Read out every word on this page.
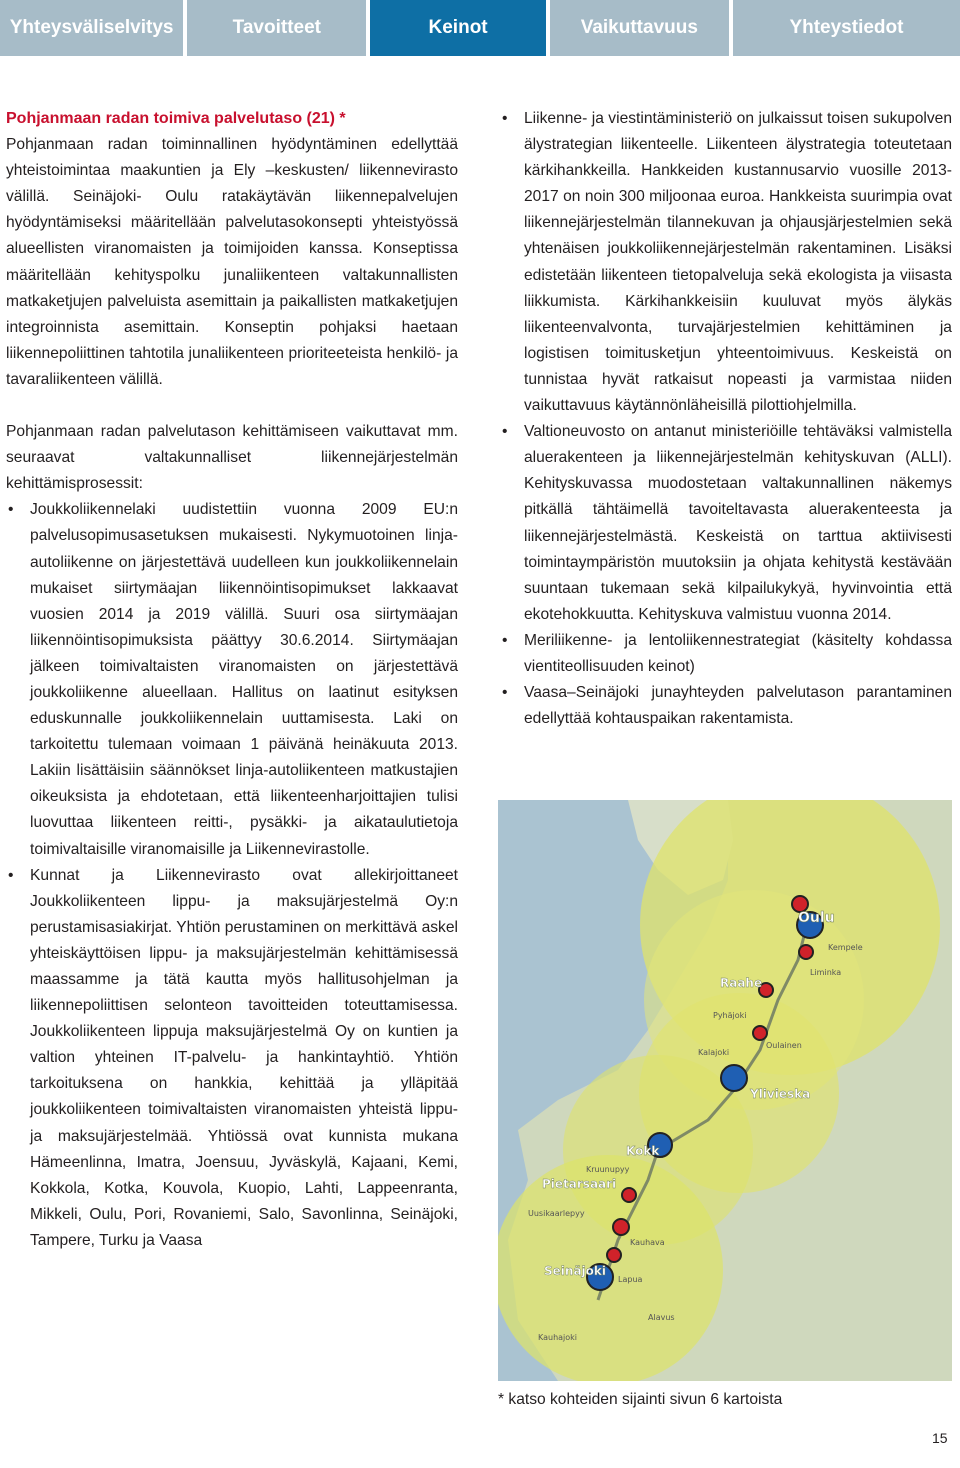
Yhteysväliselvitys	Tavoitteet	Keinot	Vaikuttavuus	Yhteystiedot

Pohjanmaan radan toimiva palvelutaso (21) *

Pohjanmaan radan toiminnallinen hyödyntäminen edellyttää yhteistoimintaa maakuntien ja Ely –keskusten/ liikennevirasto välillä. Seinäjoki- Oulu ratakäytävän liikennepalvelujen hyödyntämiseksi määritellään palvelutasokonsepti yhteistyössä alueellisten viranomaisten ja toimijoiden kanssa. Konseptissa määritellään kehityspolku junaliikenteen valtakunnallisten matkaketjujen palveluista asemittain ja paikallisten matkaketjujen integroinnista asemittain. Konseptin pohjaksi haetaan liikennepoliittinen tahtotila junaliikenteen prioriteeteista henkilö- ja tavaraliikenteen välillä.

Pohjanmaan radan palvelutason kehittämiseen vaikuttavat mm. seuraavat valtakunnalliset liikennejärjestelmän kehittämisprosessit:

• Joukkoliikennelaki uudistettiin vuonna 2009 EU:n palvelusopimusasetuksen mukaisesti. Nykymuotoinen linja-autoliikenne on järjestettävä uudelleen kun joukkoliikennelain mukaiset siirtymäajan liikennöintisopimukset lakkaavat vuosien 2014 ja 2019 välillä. Suuri osa siirtymäajan liikennöintisopimuksista päättyy 30.6.2014. Siirtymäajan jälkeen toimivaltaisten viranomaisten on järjestettävä joukkoliikenne alueellaan. Hallitus on laatinut esityksen eduskunnalle joukkoliikennelain uuttamisesta. Laki on tarkoitettu tulemaan voimaan 1 päivänä heinäkuuta 2013. Lakiin lisättäisiin säännökset linja-autoliikenteen matkustajien oikeuksista ja ehdotetaan, että liikenteenharjoittajien tulisi luovuttaa liikenteen reitti-, pysäkki- ja aikataulutietoja toimivaltaisille viranomaisille ja Liikennevirastolle.
• Kunnat ja Liikennevirasto ovat allekirjoittaneet Joukkoliikenteen lippu- ja maksujärjestelmä Oy:n perustamisasiakirjat. Yhtiön perustaminen on merkittävä askel yhteiskäyttöisen lippu- ja maksujärjestelmän kehittämisessä maassamme ja tätä kautta myös hallitusohjelman ja liikennepoliittisen selonteon tavoitteiden toteuttamisessa. Joukkoliikenteen lippuja maksujärjestelmä Oy on kuntien ja valtion yhteinen IT-palvelu- ja hankintayhtiö. Yhtiön tarkoituksena on hankkia, kehittää ja ylläpitää joukkoliikenteen toimivaltaisten viranomaisten yhteistä lippu- ja maksujärjestelmää. Yhtiössä ovat kunnista mukana Hämeenlinna, Imatra, Joensuu, Jyväskylä, Kajaani, Kemi, Kokkola, Kotka, Kouvola, Kuopio, Lahti, Lappeenranta, Mikkeli, Oulu, Pori, Rovaniemi, Salo, Savonlinna, Seinäjoki, Tampere, Turku ja Vaasa
• Liikenne- ja viestintäministeriö on julkaissut toisen sukupolven älystrategian liikenteelle. Liikenteen älystrategia toteutetaan kärkihankkeilla. Hankkeiden kustannusarvio vuosille 2013-2017 on noin 300 miljoonaa euroa. Hankkeista suurimpia ovat liikennejärjestelmän tilannekuvan ja ohjausjärjestelmien sekä yhtenäisen joukkoliikennejärjestelmän rakentaminen. Lisäksi edistetään liikenteen tietopalveluja sekä ekologista ja viisasta liikkumista. Kärkihankkeisiin kuuluvat myös älykäs liikenteenvalvonta, turvajärjestelmien kehittäminen ja logistisen toimitusketjun yhteentoimivuus. Keskeistä on tunnistaa hyvät ratkaisut nopeasti ja varmistaa niiden vaikuttavuus käytännönläheisillä pilottiohjelmilla.
• Valtioneuvosto on antanut ministeriöille tehtäväksi valmistella aluerakenteen ja liikennejärjestelmän kehityskuvan (ALLI). Kehityskuvassa muodostetaan valtakunnallinen näkemys pitkällä tähtäimellä tavoiteltavasta aluerakenteesta ja liikennejärjestelmästä. Keskeistä on tarttua aktiivisesti toimintaympäristön muutoksiin ja ohjata kehitystä kestävään suuntaan tukemaan sekä kilpailukykyä, hyvinvointia että ekotehokkuutta. Kehityskuva valmistuu vuonna 2014.
• Meriliikenne- ja lentoliikennestrategiat (käsitelty kohdassa vientiteollisuuden keinot)
• Vaasa–Seinäjoki junayhteyden palvelutason parantaminen edellyttää kohtauspaikan rakentamista.
Oulu
Raahe
Ylivieska
Kokk
Pietarsaari
Seinäjoki
Kempele
Liminka
Pyhäjoki
Oulainen
Kalajoki
Kruunupyy
Kauhava
Lapua
Kauhajoki
Uusikaarlepyy
Alavus
* katso kohteiden sijainti sivun 6 kartoista
15
